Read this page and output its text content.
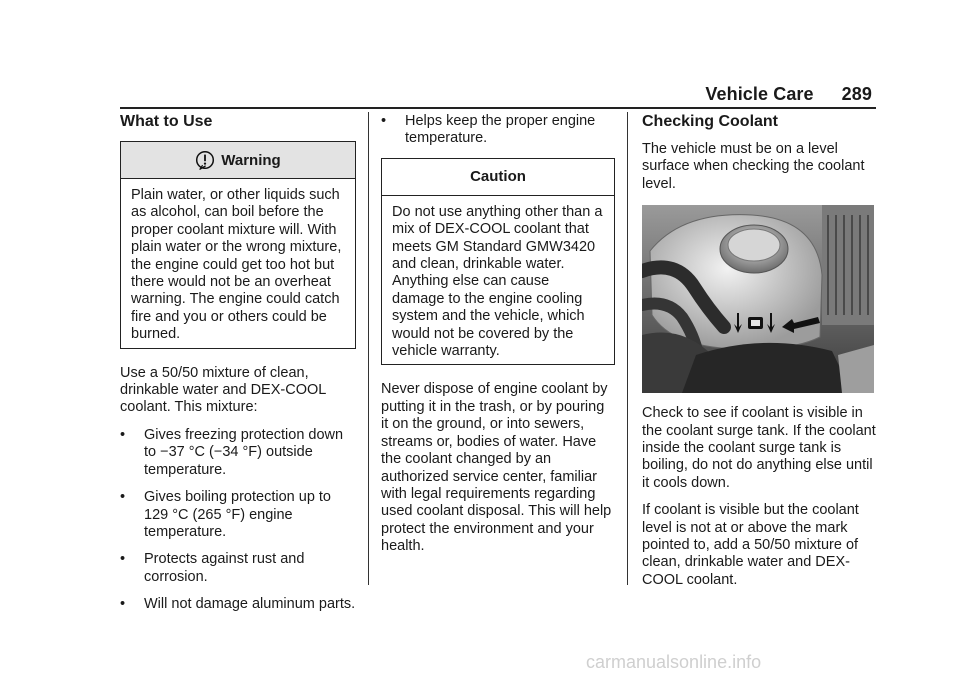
Vehicle Care 289
What to Use
Warning
Plain water, or other liquids such as alcohol, can boil before the proper coolant mixture will. With plain water or the wrong mixture, the engine could get too hot but there would not be an overheat warning. The engine could catch fire and you or others could be burned.

Use a 50/50 mixture of clean, drinkable water and DEX-COOL coolant. This mixture:

•	Gives freezing protection down to −37 °C (−34 °F) outside temperature.
•	Gives boiling protection up to 129 °C (265 °F) engine temperature.
•	Protects against rust and corrosion.
•	Will not damage aluminum parts.
•	Helps keep the proper engine temperature.
Caution
Do not use anything other than a mix of DEX-COOL coolant that meets GM Standard GMW3420 and clean, drinkable water. Anything else can cause damage to the engine cooling system and the vehicle, which would not be covered by the vehicle warranty.

Never dispose of engine coolant by putting it in the trash, or by pouring it on the ground, or into sewers, streams or, bodies of water. Have the coolant changed by an authorized service center, familiar with legal requirements regarding used coolant disposal. This will help protect the environment and your health.

Checking Coolant

The vehicle must be on a level surface when checking the coolant level.

Check to see if coolant is visible in the coolant surge tank. If the coolant inside the coolant surge tank is boiling, do not do anything else until it cools down.

If coolant is visible but the coolant level is not at or above the mark pointed to, add a 50/50 mixture of clean, drinkable water and DEX-COOL coolant.

carmanualsonline.info
